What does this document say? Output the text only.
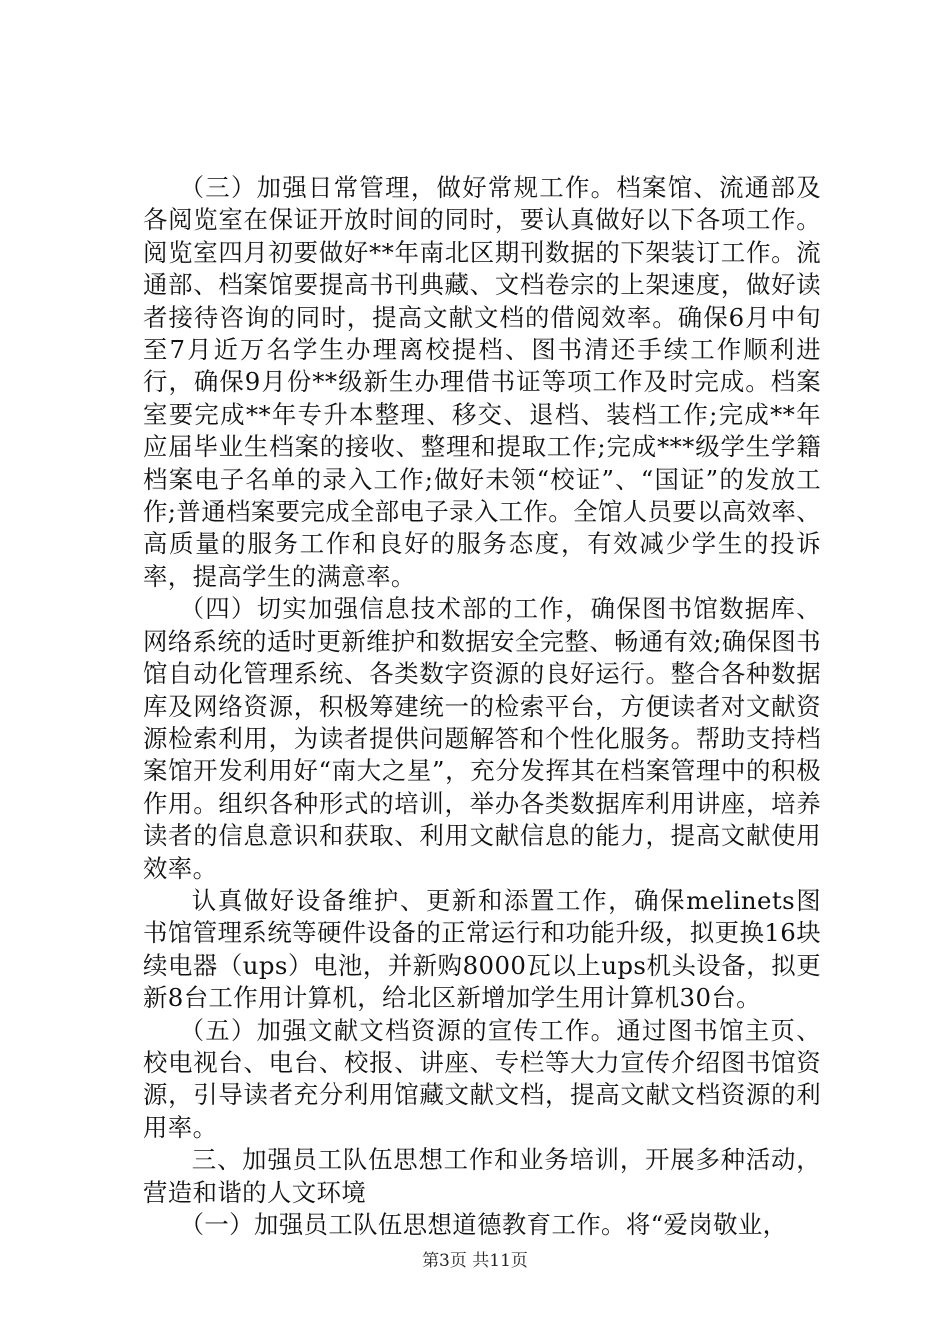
（三）加强日常管理，做好常规工作。档案馆、流通部及各阅览室在保证开放时间的同时，要认真做好以下各项工作。阅览室四月初要做好**年南北区期刊数据的下架装订工作。流通部、档案馆要提高书刊典藏、文档卷宗的上架速度，做好读者接待咨询的同时，提高文献文档的借阅效率。确保6月中旬至7月近万名学生办理离校提档、图书清还手续工作顺利进行，确保9月份**级新生办理借书证等项工作及时完成。档案室要完成**年专升本整理、移交、退档、装档工作;完成**年应届毕业生档案的接收、整理和提取工作;完成***级学生学籍档案电子名单的录入工作;做好未领“校证”、“国证”的发放工作;普通档案要完成全部电子录入工作。全馆人员要以高效率、高质量的服务工作和良好的服务态度，有效减少学生的投诉率，提高学生的满意率。

（四）切实加强信息技术部的工作，确保图书馆数据库、网络系统的适时更新维护和数据安全完整、畅通有效;确保图书馆自动化管理系统、各类数字资源的良好运行。整合各种数据库及网络资源，积极筹建统一的检索平台，方便读者对文献资源检索利用，为读者提供问题解答和个性化服务。帮助支持档案馆开发利用好“南大之星”，充分发挥其在档案管理中的积极作用。组织各种形式的培训，举办各类数据库利用讲座，培养读者的信息意识和获取、利用文献信息的能力，提高文献使用效率。

认真做好设备维护、更新和添置工作，确保melinets图书馆管理系统等硬件设备的正常运行和功能升级，拟更换16块续电器（ups）电池，并新购8000瓦以上ups机头设备，拟更新8台工作用计算机，给北区新增加学生用计算机30台。

（五）加强文献文档资源的宣传工作。通过图书馆主页、校电视台、电台、校报、讲座、专栏等大力宣传介绍图书馆资源，引导读者充分利用馆藏文献文档，提高文献文档资源的利用率。

三、加强员工队伍思想工作和业务培训，开展多种活动，营造和谐的人文环境

（一）加强员工队伍思想道德教育工作。将“爱岗敬业，

第3页 共11页
